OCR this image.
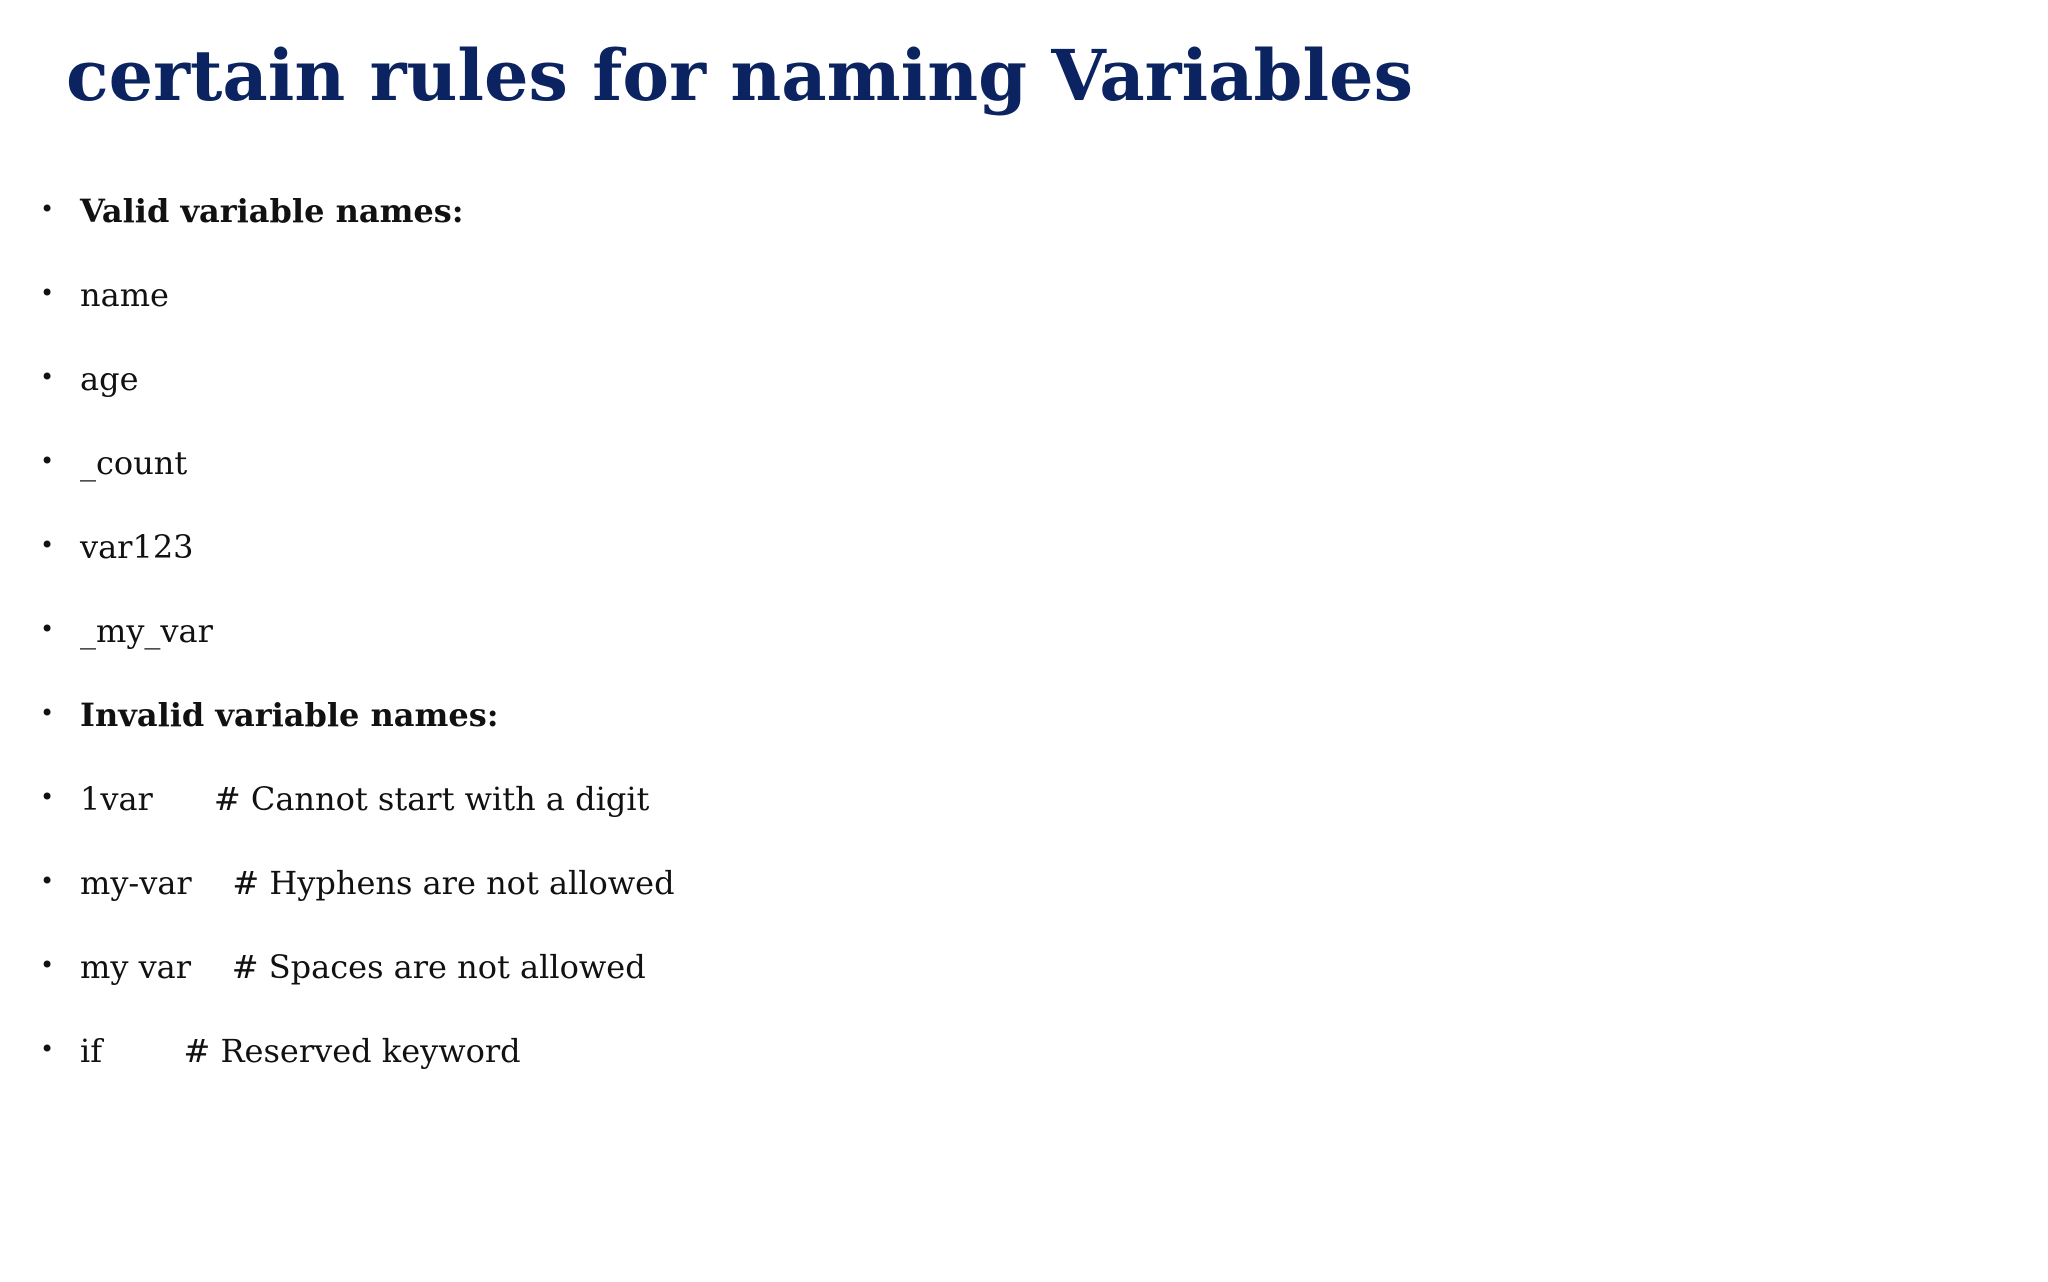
certain rules for naming Variables

•

Valid variable names:

•

name

•

age

•

_count

•

var123

•

_my_var

•

Invalid variable names:

•

1var      # Cannot start with a digit

•

my-var    # Hyphens are not allowed

•

my var    # Spaces are not allowed

•

if        # Reserved keyword
